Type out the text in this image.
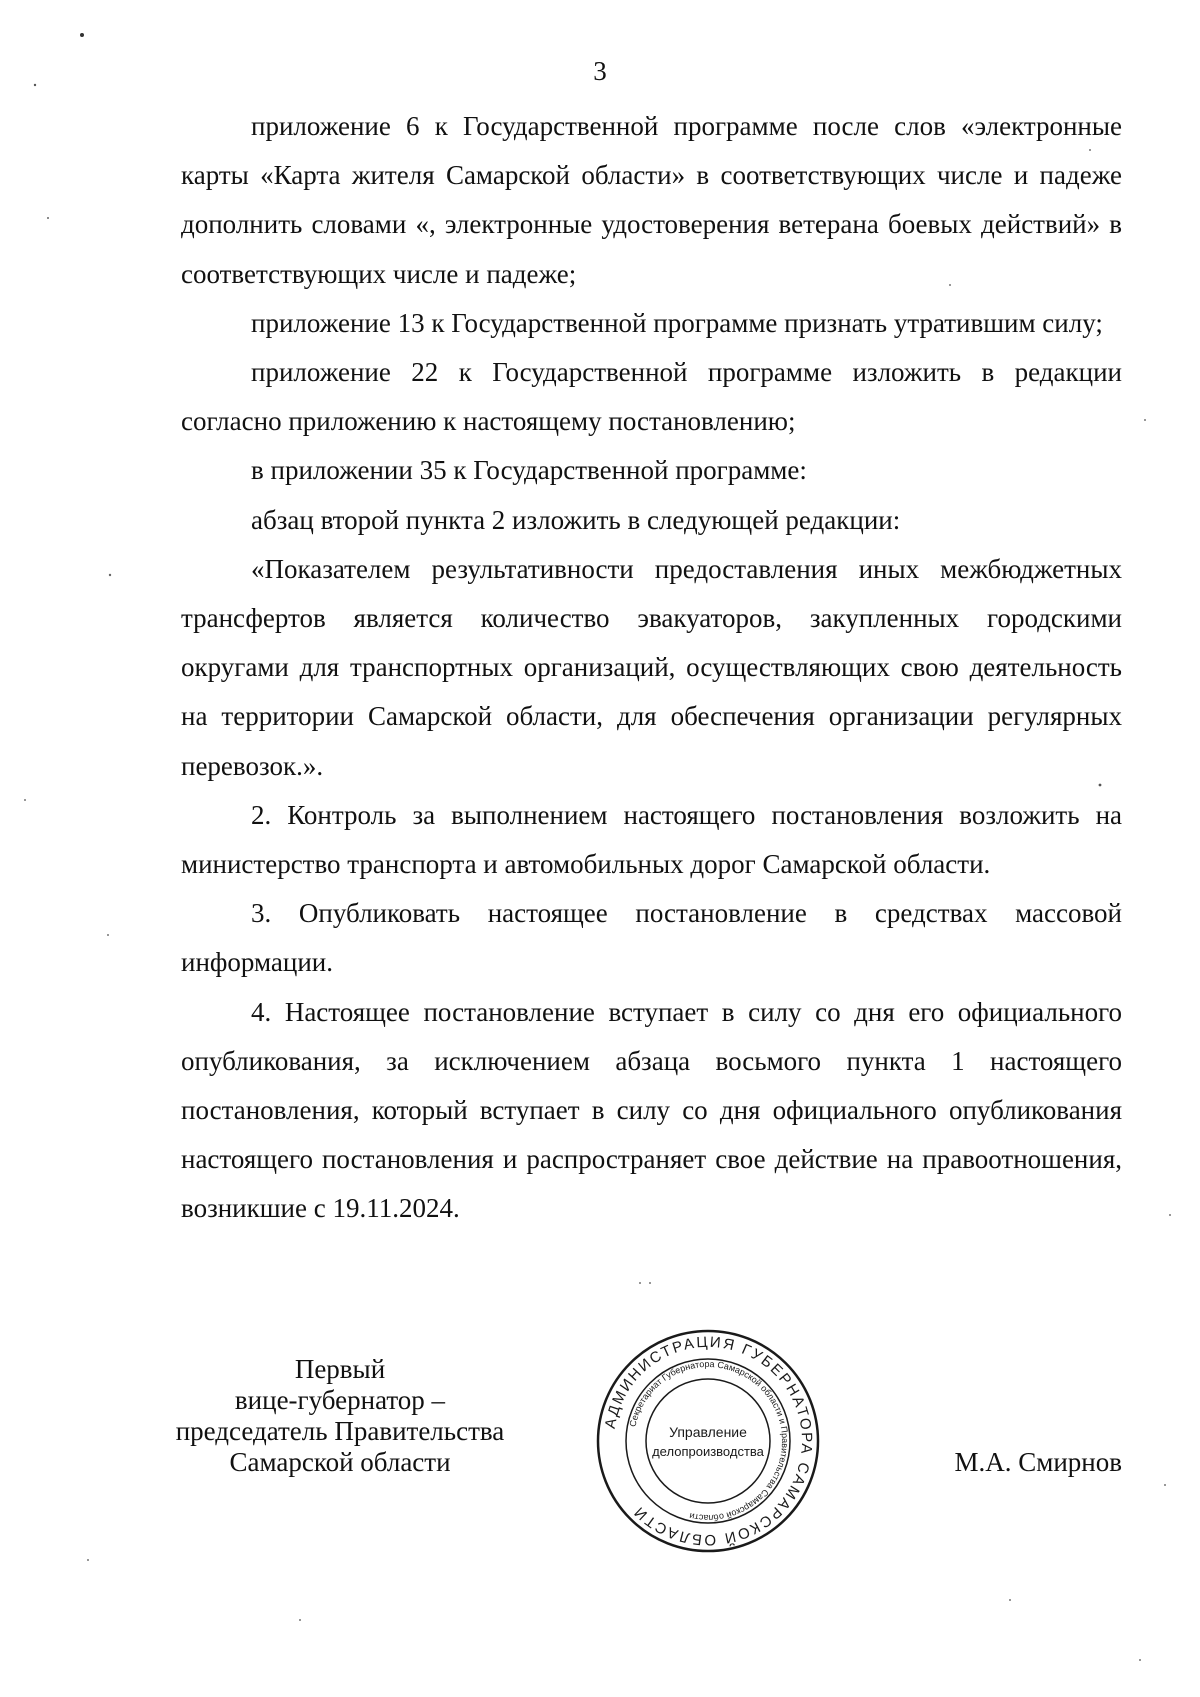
3

приложение 6 к Государственной программе после слов «электронные карты «Карта жителя Самарской области» в соответствующих числе и падеже дополнить словами «, электронные удостоверения ветерана боевых действий» в соответствующих числе и падеже;

приложение 13 к Государственной программе признать утратившим силу;

приложение 22 к Государственной программе изложить в редакции согласно приложению к настоящему постановлению;

в приложении 35 к Государственной программе:

абзац второй пункта 2 изложить в следующей редакции:

«Показателем результативности предоставления иных межбюджетных трансфертов является количество эвакуаторов, закупленных городскими округами для транспортных организаций, осуществляющих свою деятельность на территории Самарской области, для обеспечения организации регулярных перевозок.».

2. Контроль за выполнением настоящего постановления возложить на министерство транспорта и автомобильных дорог Самарской области.

3. Опубликовать настоящее постановление в средствах массовой информации.

4. Настоящее постановление вступает в силу со дня его официального опубликования, за исключением абзаца восьмого пункта 1 настоящего постановления, который вступает в силу со дня официального опубликования настоящего постановления и распространяет свое действие на правоотношения, возникшие с 19.11.2024.

Первый
вице-губернатор –
председатель Правительства
Самарской области	М.А. Смирнов
АДМИНИСТРАЦИЯ ГУБЕРНАТОРА САМАРСКОЙ ОБЛАСТИ
Секретариат Губернатора Самарской области и Правительства Самарской области
Управление
делопроизводства
